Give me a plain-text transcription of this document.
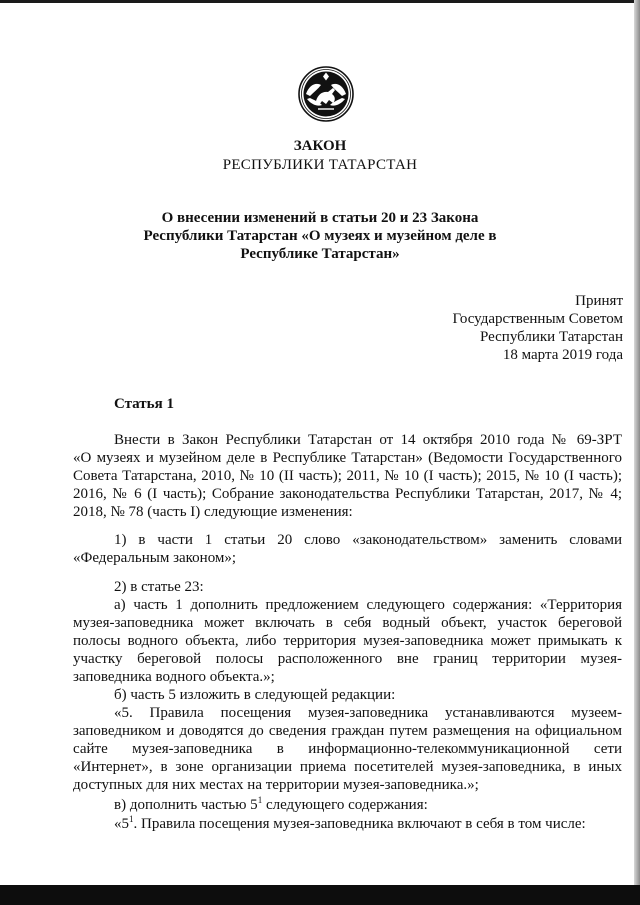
ЗАКОН
РЕСПУБЛИКИ ТАТАРСТАН
О внесении изменений в статьи 20 и 23 Закона
Республики Татарстан «О музеях и музейном деле в
Республике Татарстан»
Принят
Государственным Советом
Республики Татарстан
18 марта 2019 года
Статья 1
Внести в Закон Республики Татарстан от 14 октября 2010 года № 69-ЗРТ
«О музеях и музейном деле в Республике Татарстан» (Ведомости Государственного
Совета Татарстана, 2010, № 10 (II часть); 2011, № 10 (I часть); 2015, № 10 (I часть);
2016, № 6 (I часть); Собрание законодательства Республики Татарстан, 2017, № 4;
2018, № 78 (часть I) следующие изменения:
1) в части 1 статьи 20 слово «законодательством» заменить словами
«Федеральным законом»;
2) в статье 23:
а) часть 1 дополнить предложением следующего содержания: «Территория
музея-заповедника может включать в себя водный объект, участок береговой
полосы водного объекта, либо территория музея-заповедника может примыкать к
участку береговой полосы расположенного вне границ территории музея-
заповедника водного объекта.»;
б) часть 5 изложить в следующей редакции:
«5. Правила посещения музея-заповедника устанавливаются музеем-
заповедником и доводятся до сведения граждан путем размещения на официальном
сайте музея-заповедника в информационно-телекоммуникационной сети
«Интернет», в зоне организации приема посетителей музея-заповедника, в иных
доступных для них местах на территории музея-заповедника.»;
в) дополнить частью $5^1$ следующего содержания:
«$5^1$. Правила посещения музея-заповедника включают в себя в том числе:
